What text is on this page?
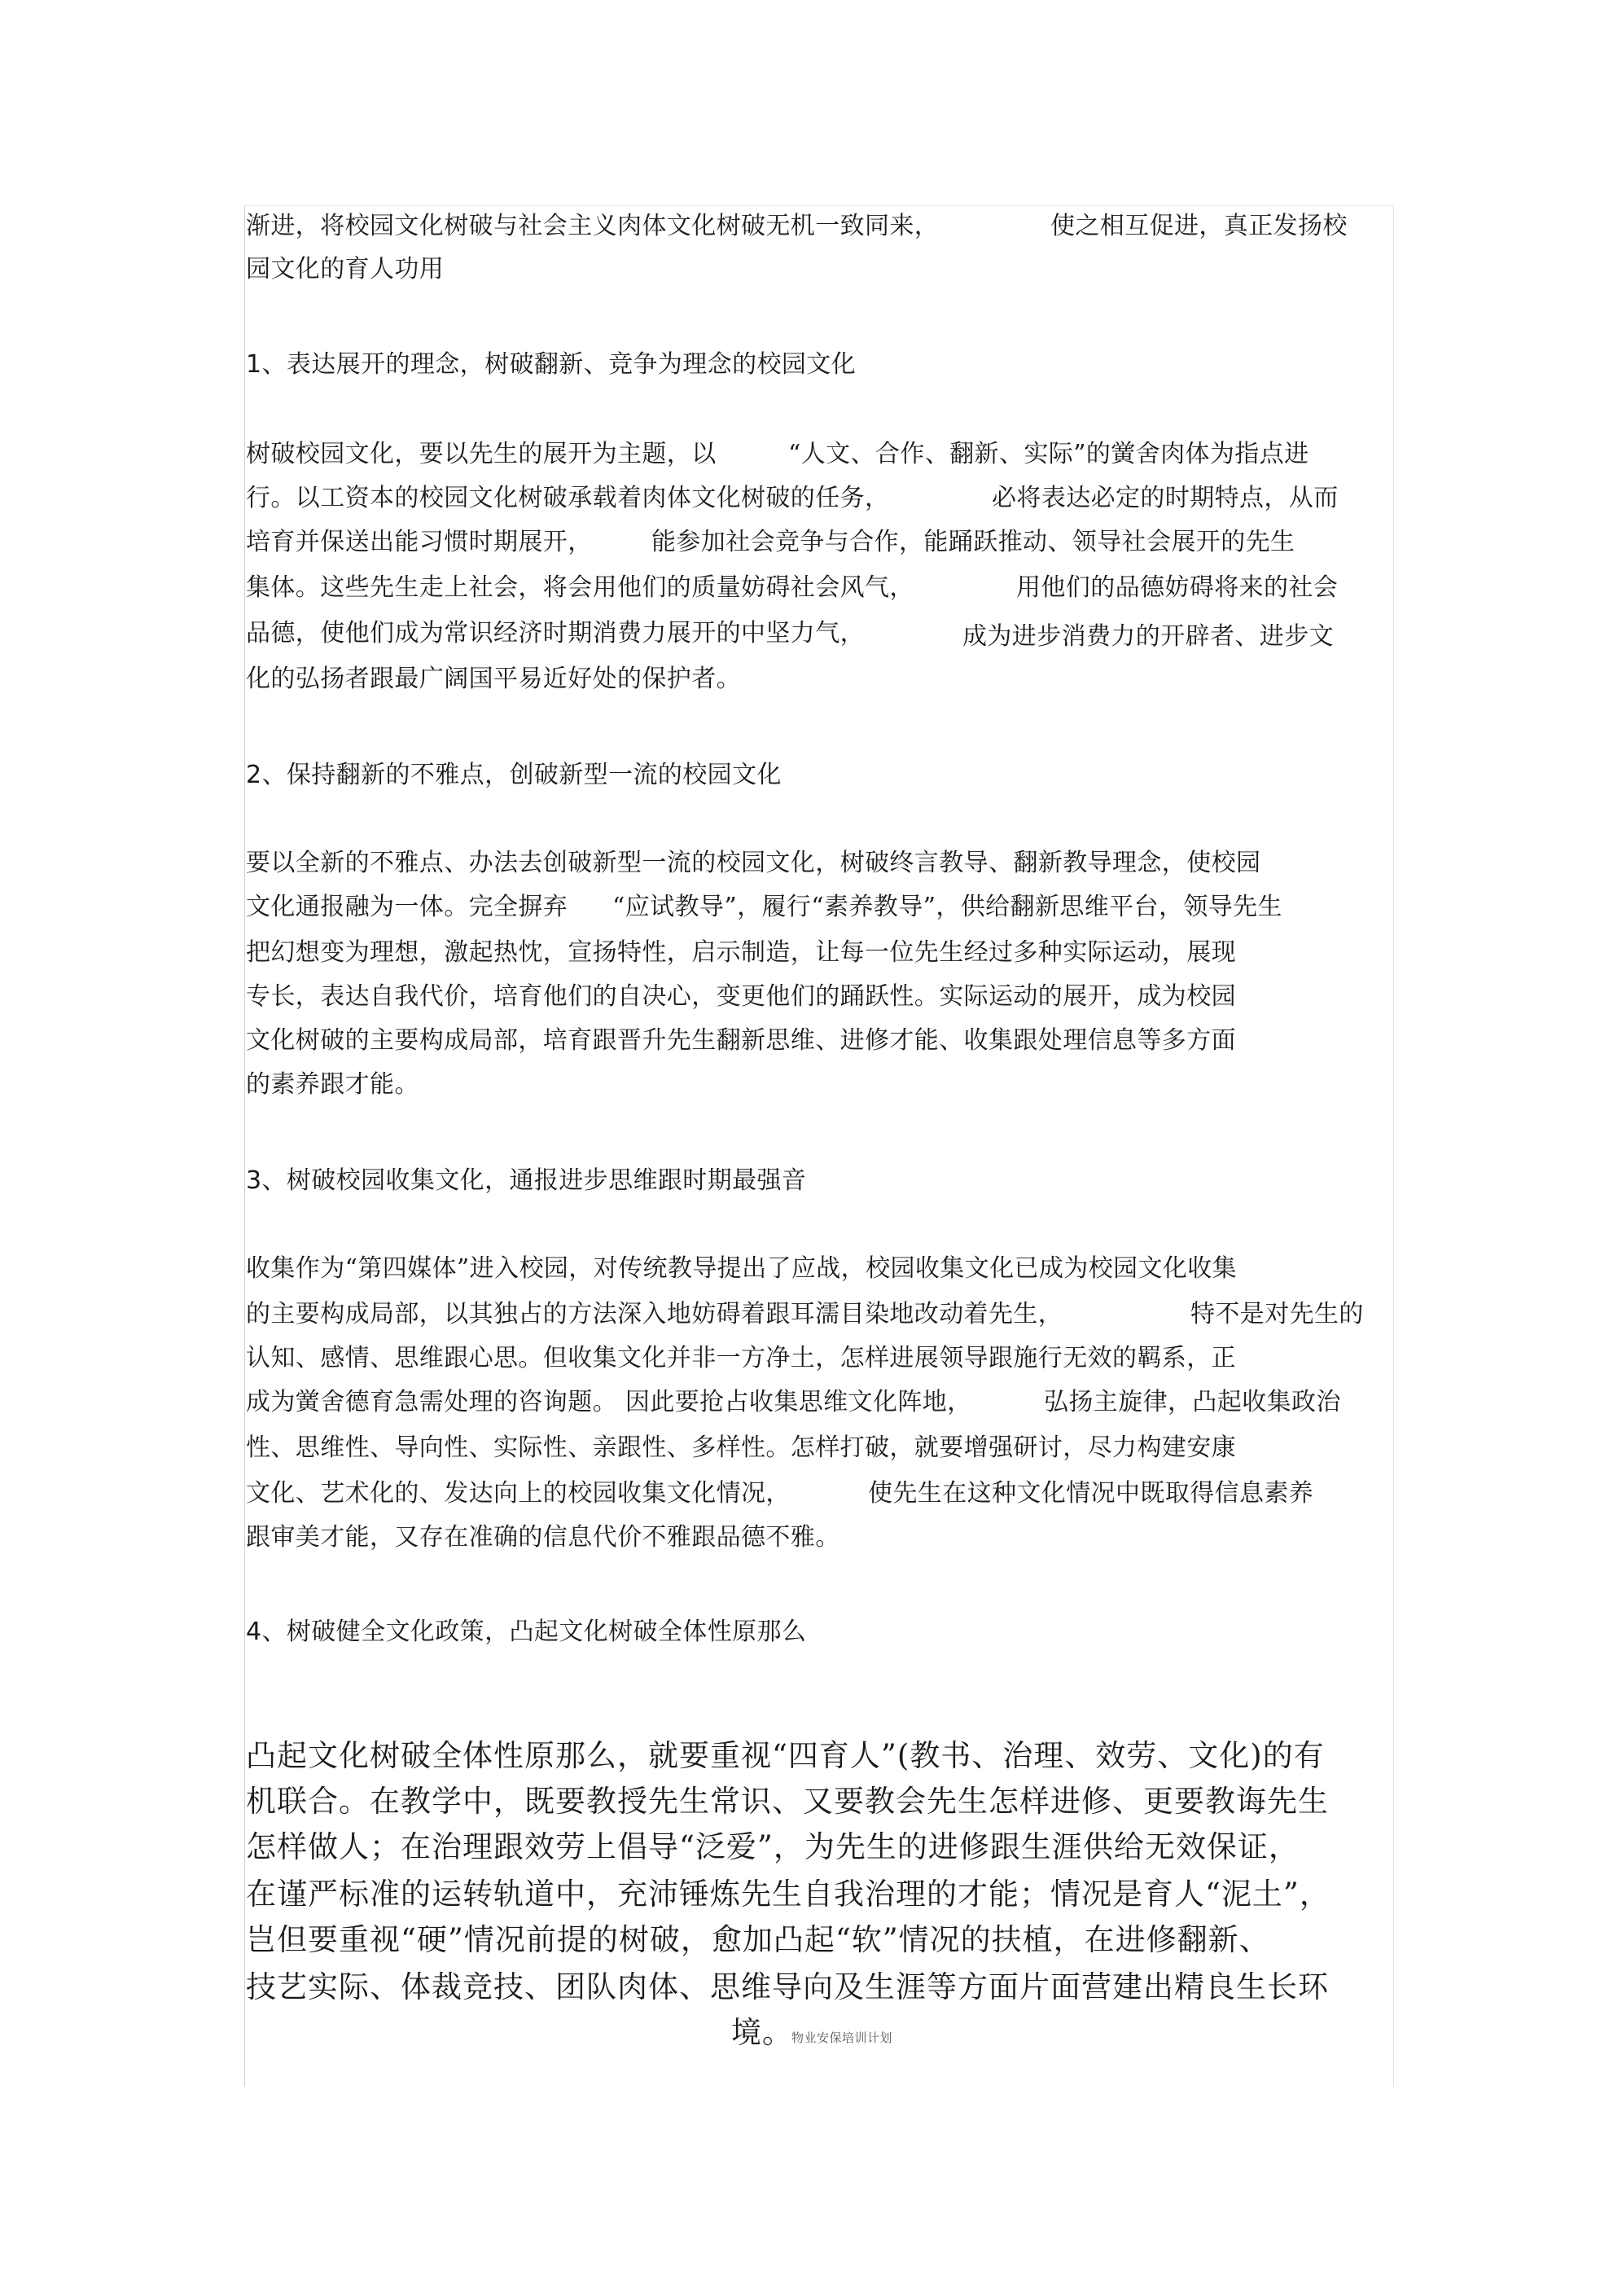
渐进，将校园文化树破与社会主义肉体文化树破无机一致同来，	使之相互促进，真正发扬校
园文化的育人功用
1、表达展开的理念，树破翻新、竞争为理念的校园文化
树破校园文化，要以先生的展开为主题，以	“人文、合作、翻新、实际”的黉舍肉体为指点进
行。以工资本的校园文化树破承载着肉体文化树破的任务，	必将表达必定的时期特点，从而
培育并保送出能习惯时期展开， 能参加社会竞争与合作，能踊跃推动、领导社会展开的先生
集体。这些先生走上社会，将会用他们的质量妨碍社会风气，	用他们的品德妨碍将来的社会
品德，使他们成为常识经济时期消费力展开的中坚力气，	成为进步消费力的开辟者、进步文
化的弘扬者跟最广阔国平易近好处的保护者。
2、保持翻新的不雅点，创破新型一流的校园文化
要以全新的不雅点、办法去创破新型一流的校园文化，树破终言教导、翻新教导理念，使校园
文化通报融为一体。完全摒弃 “应试教导”，履行“素养教导”，供给翻新思维平台，领导先生
把幻想变为理想，激起热忱，宣扬特性，启示制造，让每一位先生经过多种实际运动，展现
专长，表达自我代价，培育他们的自决心，变更他们的踊跃性。实际运动的展开，成为校园
文化树破的主要构成局部，培育跟晋升先生翻新思维、进修才能、收集跟处理信息等多方面
的素养跟才能。
3、树破校园收集文化，通报进步思维跟时期最强音
收集作为“第四媒体”进入校园，对传统教导提出了应战，校园收集文化已成为校园文化收集
的主要构成局部，以其独占的方法深入地妨碍着跟耳濡目染地改动着先生，	特不是对先生的
认知、感情、思维跟心思。但收集文化并非一方净土，怎样进展领导跟施行无效的羁系，正
成为黉舍德育急需处理的咨询题。 因此要抢占收集思维文化阵地，	弘扬主旋律，凸起收集政治
性、思维性、导向性、实际性、亲跟性、多样性。怎样打破，就要增强研讨，尽力构建安康
文化、艺术化的、发达向上的校园收集文化情况，	使先生在这种文化情况中既取得信息素养
跟审美才能，又存在准确的信息代价不雅跟品德不雅。
4、树破健全文化政策，凸起文化树破全体性原那么
凸起文化树破全体性原那么，就要重视“四育人”(教书、治理、效劳、文化)的有
机联合。在教学中，既要教授先生常识、又要教会先生怎样进修、更要教诲先生
怎样做人；在治理跟效劳上倡导“泛爱”，为先生的进修跟生涯供给无效保证，
在谨严标准的运转轨道中，充沛锤炼先生自我治理的才能；情况是育人“泥土”，
岂但要重视“硬”情况前提的树破，愈加凸起“软”情况的扶植，在进修翻新、
技艺实际、体裁竞技、团队肉体、思维导向及生涯等方面片面营建出精良生长环
境。
物业安保培训计划
